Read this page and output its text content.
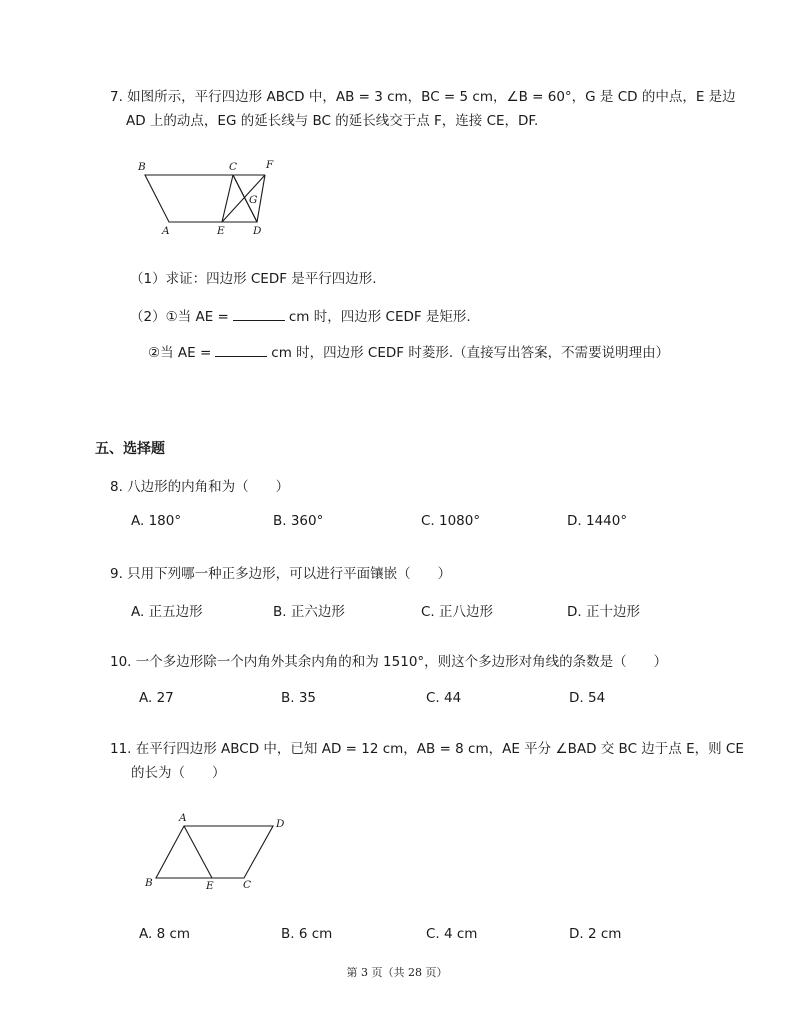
7. 如图所示，平行四边形 ABCD 中，AB = 3 cm，BC = 5 cm，∠B = 60°，G 是 CD 的中点，E 是边
AD 上的动点，EG 的延长线与 BC 的延长线交于点 F，连接 CE，DF.
B	C	F
G
A	E	D
（1）求证：四边形 CEDF 是平行四边形.
（2）①当 AE =	cm 时，四边形 CEDF 是矩形.
②当 AE =	cm 时，四边形 CEDF 时菱形.（直接写出答案，不需要说明理由）
五、选择题
8. 八边形的内角和为（　　）
A. 180°	B. 360°	C. 1080°	D. 1440°
9. 只用下列哪一种正多边形，可以进行平面镶嵌（　　）
A. 正五边形	B. 正六边形	C. 正八边形	D. 正十边形
10. 一个多边形除一个内角外其余内角的和为 1510°，则这个多边形对角线的条数是（　　）
A. 27	B. 35	C. 44	D. 54
11. 在平行四边形 ABCD 中，已知 AD = 12 cm，AB = 8 cm，AE 平分 ∠BAD 交 BC 边于点 E，则 CE
的长为（　　）
A	D
B	E	C
A. 8 cm	B. 6 cm	C. 4 cm	D. 2 cm
第 3 页（共 28 页）
